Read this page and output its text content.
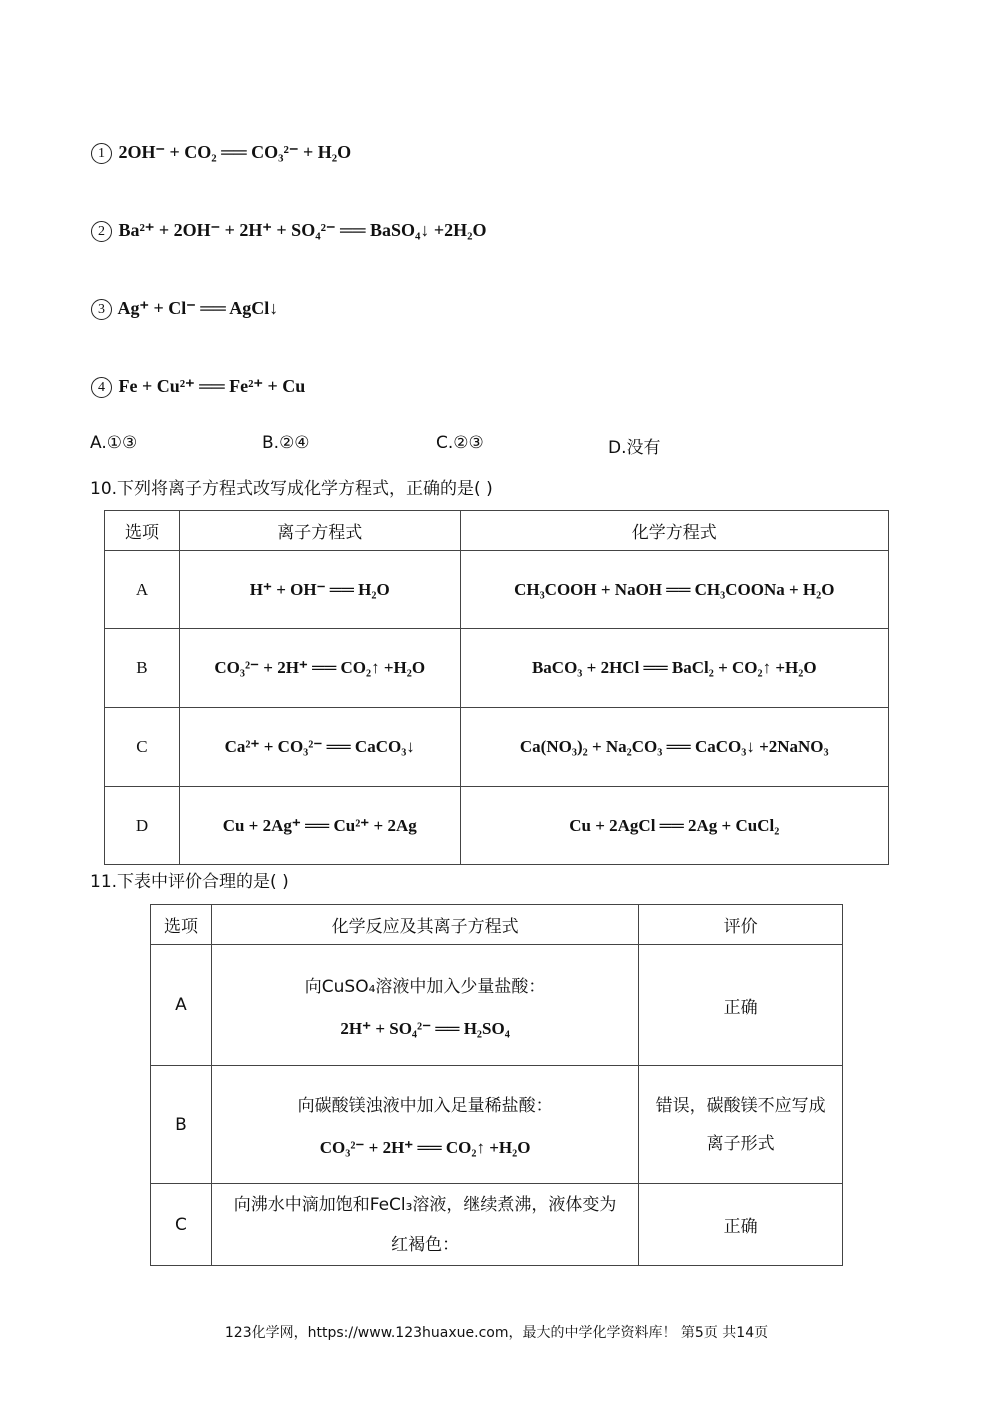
1 2OH⁻ + CO₂ ══ CO₃²⁻ + H₂O
2 Ba²⁺ + 2OH⁻ + 2H⁺ + SO₄²⁻ ══ BaSO₄↓ +2H₂O
3 Ag⁺ + Cl⁻ ══ AgCl↓
4 Fe + Cu²⁺ ══ Fe²⁺ + Cu
A.①③	B.②④	C.②③	D.没有
10.下列将离子方程式改写成化学方程式，正确的是( )
选项	离子方程式	化学方程式
A	H⁺ + OH⁻ ══ H₂O	CH₃COOH + NaOH ══ CH₃COONa + H₂O
B	CO₃²⁻ + 2H⁺ ══ CO₂↑ +H₂O	BaCO₃ + 2HCl ══ BaCl₂ + CO₂↑ +H₂O
C	Ca²⁺ + CO₃²⁻ ══ CaCO₃↓	Ca(NO₃)₂ + Na₂CO₃ ══ CaCO₃↓ +2NaNO₃
D	Cu + 2Ag⁺ ══ Cu²⁺ + 2Ag	Cu + 2AgCl ══ 2Ag + CuCl₂
11.下表中评价合理的是( )
选项	化学反应及其离子方程式	评价
A	向CuSO₄溶液中加入少量盐酸：
2H⁺ + SO₄²⁻ ══ H₂SO₄	正确
B	向碳酸镁浊液中加入足量稀盐酸：
CO₃²⁻ + 2H⁺ ══ CO₂↑ +H₂O	错误，碳酸镁不应写成离子形式
C	向沸水中滴加饱和FeCl₃溶液，继续煮沸，液体变为红褐色：	正确
123化学网，https://www.123huaxue.com，最大的中学化学资料库！ 第5页 共14页
